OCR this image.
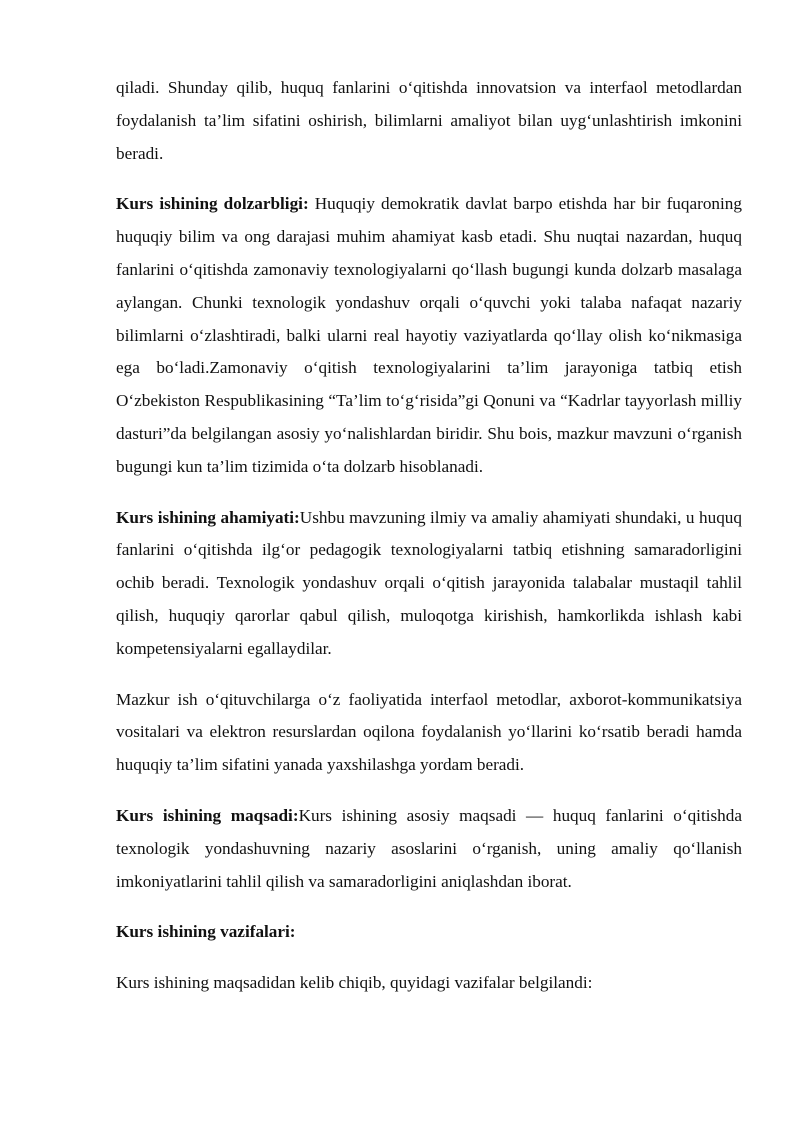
qiladi. Shunday qilib, huquq fanlarini o‘qitishda innovatsion va interfaol metodlardan foydalanish ta’lim sifatini oshirish, bilimlarni amaliyot bilan uyg‘unlashtirish imkonini beradi.

Kurs ishining dolzarbligi: Huquqiy demokratik davlat barpo etishda har bir fuqaroning huquqiy bilim va ong darajasi muhim ahamiyat kasb etadi. Shu nuqtai nazardan, huquq fanlarini o‘qitishda zamonaviy texnologiyalarni qo‘llash bugungi kunda dolzarb masalaga aylangan. Chunki texnologik yondashuv orqali o‘quvchi yoki talaba nafaqat nazariy bilimlarni o‘zlashtiradi, balki ularni real hayotiy vaziyatlarda qo‘llay olish ko‘nikmasiga ega bo‘ladi.Zamonaviy o‘qitish texnologiyalarini ta’lim jarayoniga tatbiq etish O‘zbekiston Respublikasining “Ta’lim to‘g‘risida”gi Qonuni va “Kadrlar tayyorlash milliy dasturi”da belgilangan asosiy yo‘nalishlardan biridir. Shu bois, mazkur mavzuni o‘rganish bugungi kun ta’lim tizimida o‘ta dolzarb hisoblanadi.

Kurs ishining ahamiyati:Ushbu mavzuning ilmiy va amaliy ahamiyati shundaki, u huquq fanlarini o‘qitishda ilg‘or pedagogik texnologiyalarni tatbiq etishning samaradorligini ochib beradi. Texnologik yondashuv orqali o‘qitish jarayonida talabalar mustaqil tahlil qilish, huquqiy qarorlar qabul qilish, muloqotga kirishish, hamkorlikda ishlash kabi kompetensiyalarni egallaydilar.

Mazkur ish o‘qituvchilarga o‘z faoliyatida interfaol metodlar, axborot-kommunikatsiya vositalari va elektron resurslardan oqilona foydalanish yo‘llarini ko‘rsatib beradi hamda huquqiy ta’lim sifatini yanada yaxshilashga yordam beradi.

Kurs ishining maqsadi:Kurs ishining asosiy maqsadi — huquq fanlarini o‘qitishda texnologik yondashuvning nazariy asoslarini o‘rganish, uning amaliy qo‘llanish imkoniyatlarini tahlil qilish va samaradorligini aniqlashdan iborat.

Kurs ishining vazifalari:

Kurs ishining maqsadidan kelib chiqib, quyidagi vazifalar belgilandi:
